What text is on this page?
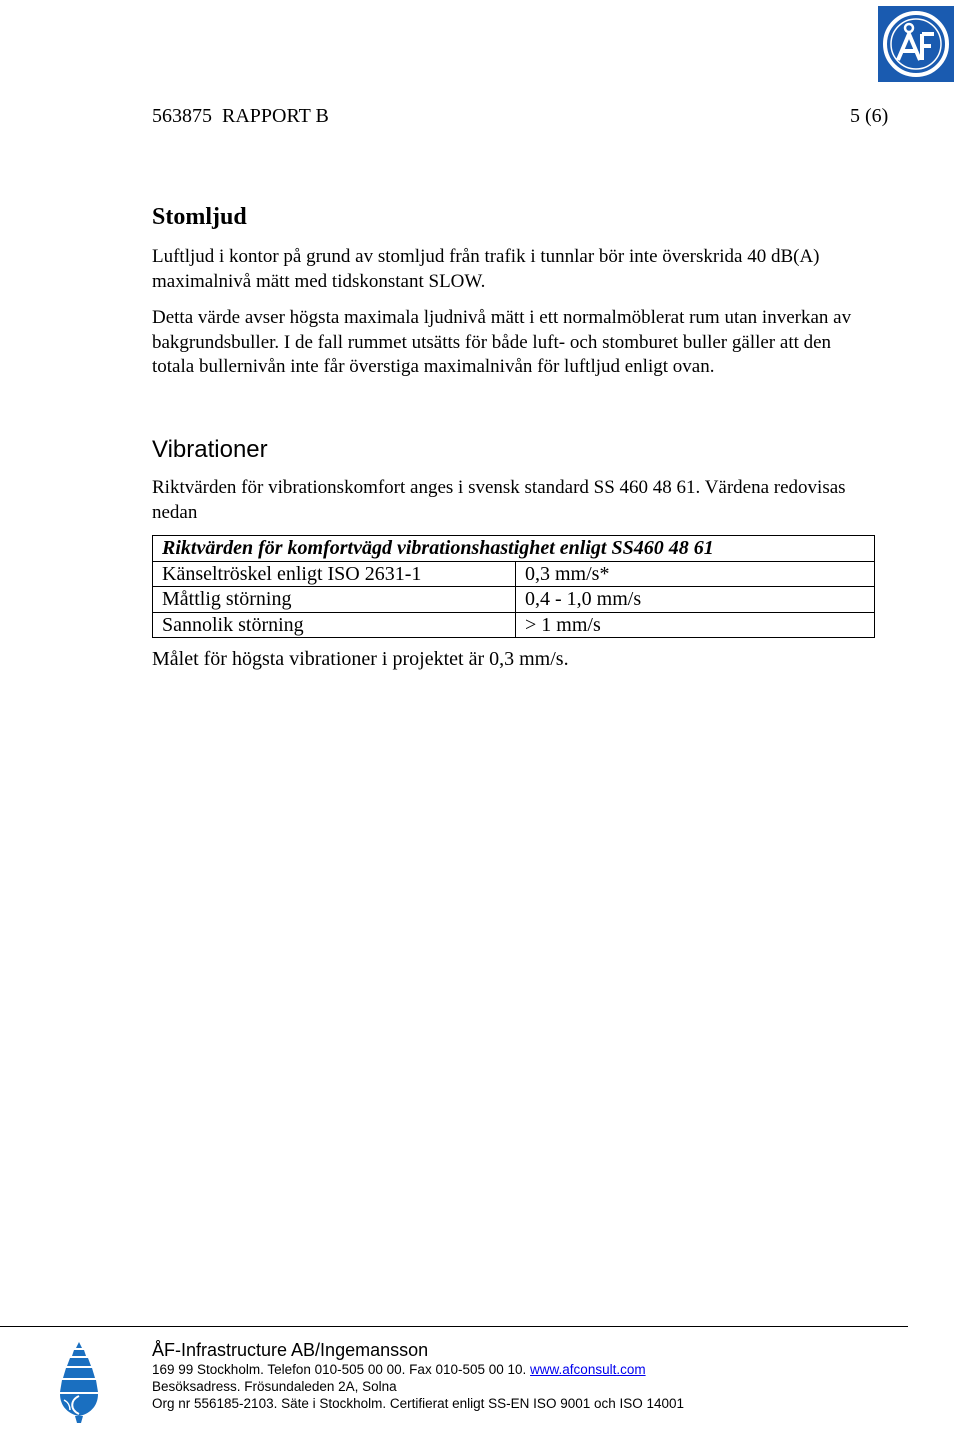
563875  RAPPORT B	5 (6)
Stomljud
Luftljud i kontor på grund av stomljud från trafik i tunnlar bör inte överskrida 40 dB(A) maximalnivå mätt med tidskonstant SLOW.
Detta värde avser högsta maximala ljudnivå mätt i ett normalmöblerat rum utan inverkan av bakgrundsbuller. I de fall rummet utsätts för både luft- och stomburet buller gäller att den totala bullernivån inte får överstiga maximalnivån för luftljud enligt ovan.
Vibrationer
Riktvärden för vibrationskomfort anges i svensk standard SS 460 48 61. Värdena redovisas nedan
Riktvärden för komfortvägd vibrationshastighet enligt SS460 48 61	
Känseltröskel enligt ISO 2631-1	0,3 mm/s*
Måttlig störning	0,4 - 1,0 mm/s
Sannolik störning	> 1 mm/s
Målet för högsta vibrationer i projektet är 0,3 mm/s.
ÅF-Infrastructure AB/Ingemansson
169 99 Stockholm. Telefon 010-505 00 00. Fax 010-505 00 10. www.afconsult.com
Besöksadress. Frösundaleden 2A, Solna
Org nr 556185-2103. Säte i Stockholm. Certifierat enligt SS-EN ISO 9001 och ISO 14001
